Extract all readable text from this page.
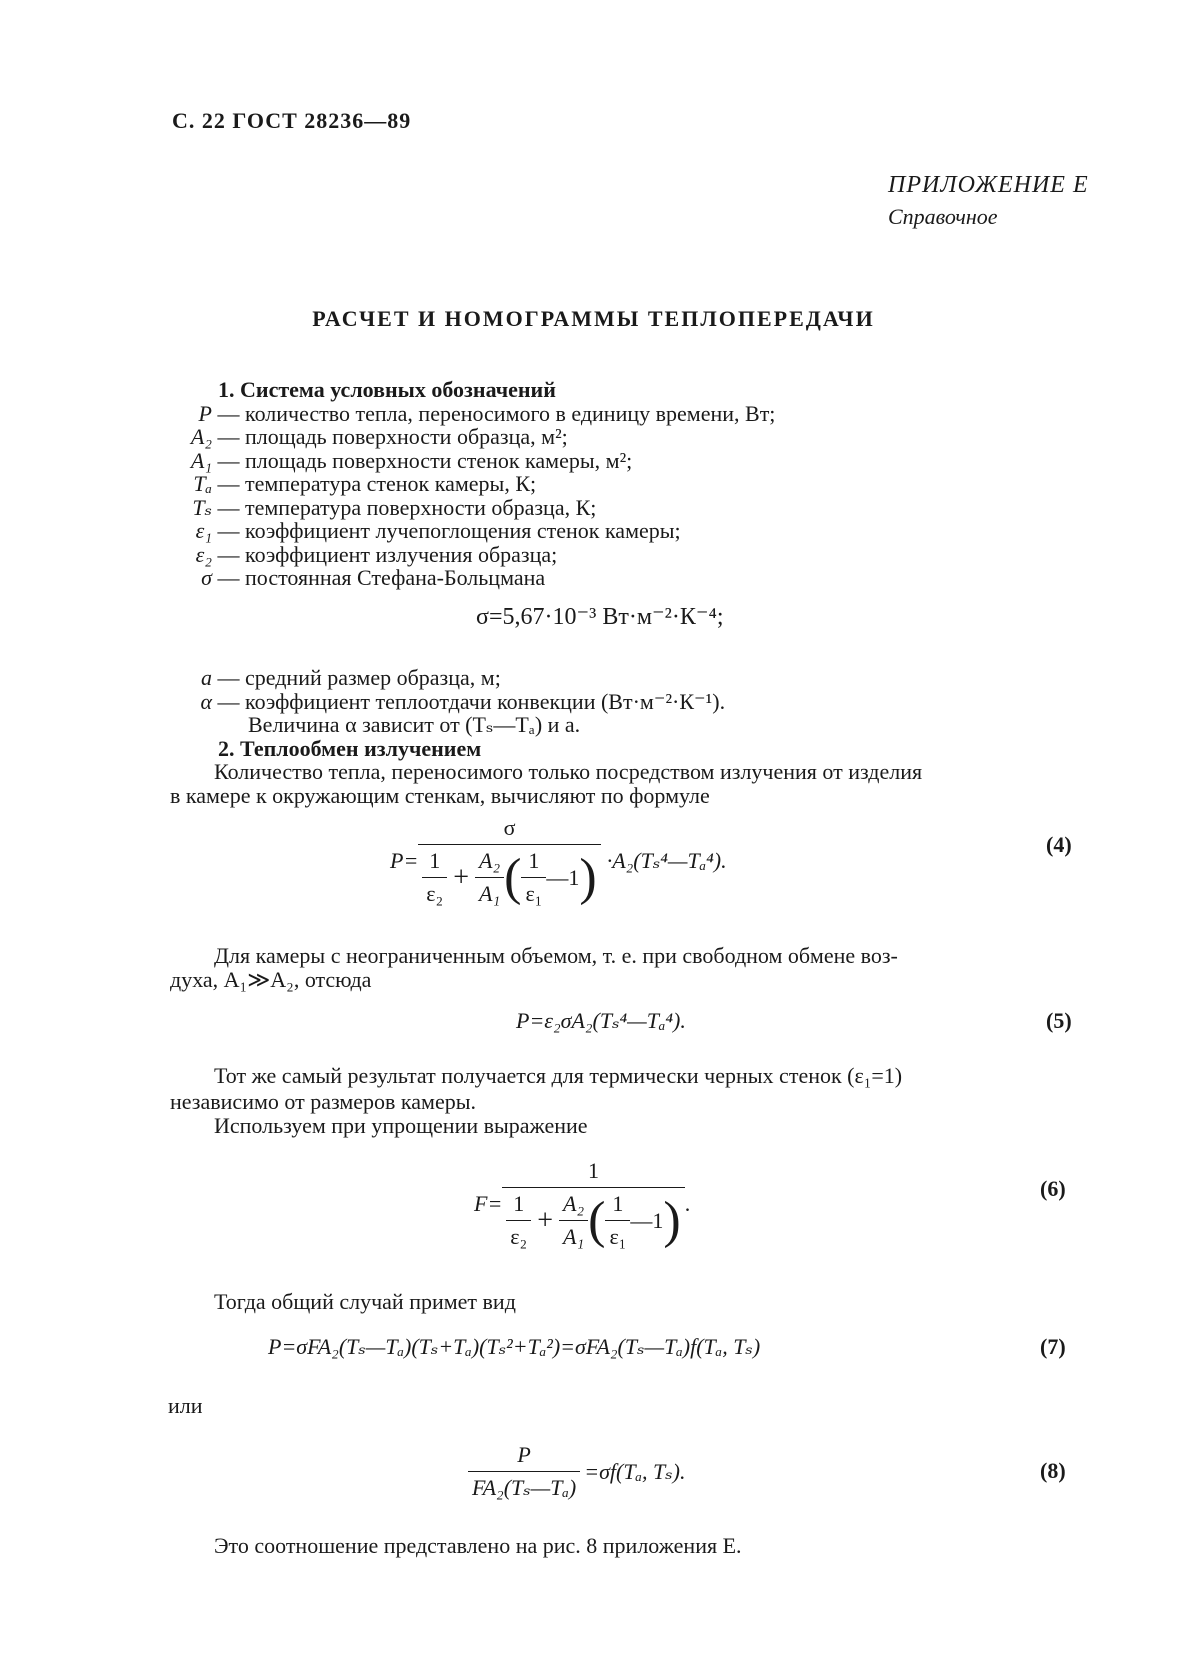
С. 22 ГОСТ 28236—89
ПРИЛОЖЕНИЕ Е
Справочное
РАСЧЕТ И НОМОГРАММЫ ТЕПЛОПЕРЕДАЧИ
1. Система условных обозначений
P — количество тепла, переносимого в единицу времени, Вт;
A₂ — площадь поверхности образца, м²;
A₁ — площадь поверхности стенок камеры, м²;
Tₐ — температура стенок камеры, К;
Tₛ — температура поверхности образца, К;
ε₁ — коэффициент лучепоглощения стенок камеры;
ε₂ — коэффициент излучения образца;
σ — постоянная Стефана-Больцмана
σ=5,67·10⁻³ Вт·м⁻²·К⁻⁴;
a — средний размер образца, м;
α — коэффициент теплоотдачи конвекции (Вт·м⁻²·К⁻¹).
Величина α зависит от (Tₛ—Tₐ) и a.
2. Теплообмен излучением
Количество тепла, переносимого только посредством излучения от изделия
в камере к окружающим стенкам, вычисляют по формуле
P=
σ
$\frac{1}{\text{ε₂}} + \frac{\text{A₂}}{\text{A₁}}$ ( $\frac{1}{\text{ε₁}}$ —1 ) ·A₂(Tₛ⁴—Tₐ⁴).
(4)
Для камеры с неограниченным объемом, т. е. при свободном обмене воз-
духа, A₁≫A₂, отсюда
P=ε₂σA₂(Tₛ⁴—Tₐ⁴).	(5)
Тот же самый результат получается для термически черных стенок (ε₁=1)
независимо от размеров камеры.
Используем при упрощении выражение
F=
1
$\frac{1}{\text{ε₂}} + \frac{\text{A₂}}{\text{A₁}}$ ( $\frac{1}{\text{ε₁}}$ —1 ) .
(6)
Тогда общий случай примет вид
P=σFA₂(Tₛ—Tₐ)(Tₛ+Tₐ)(Tₛ²+Tₐ²)=σFA₂(Tₛ—Tₐ)f(Tₐ, Tₛ)	(7)
или
$\frac{P}{\text{FA₂(Tₛ—Tₐ)}} =\sigma f(T_a$, Tₛ).	(8)
Это соотношение представлено на рис. 8 приложения Е.
